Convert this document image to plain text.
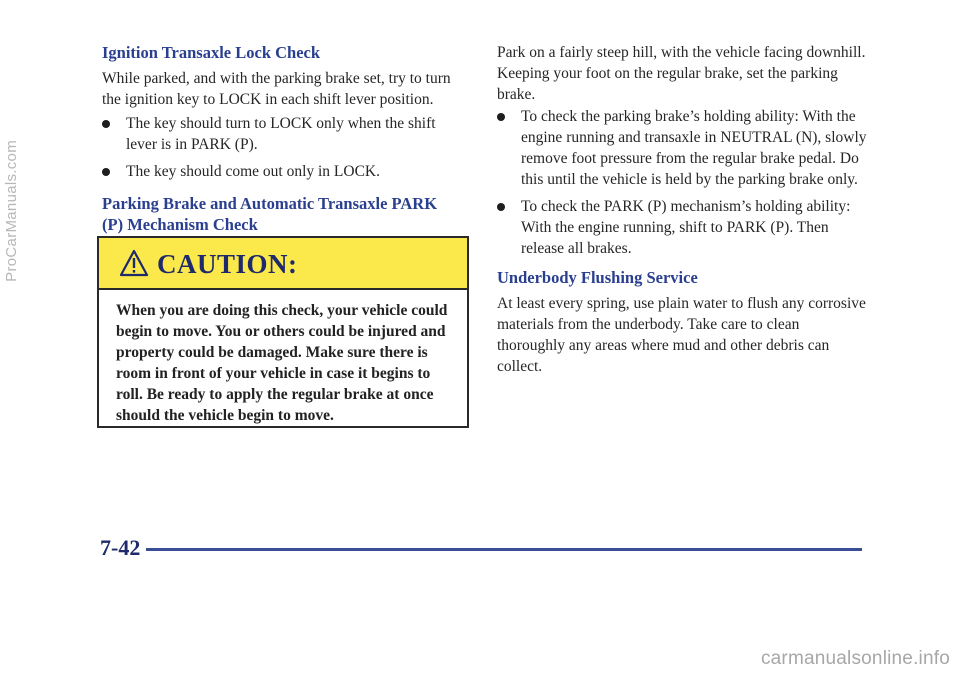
Ignition Transaxle Lock Check

While parked, and with the parking brake set, try to turn the ignition key to LOCK in each shift lever position.

The key should turn to LOCK only when the shift lever is in PARK (P).
The key should come out only in LOCK.
Parking Brake and Automatic Transaxle PARK (P) Mechanism Check
CAUTION:

When you are doing this check, your vehicle could begin to move. You or others could be injured and property could be damaged. Make sure there is room in front of your vehicle in case it begins to roll. Be ready to apply the regular brake at once should the vehicle begin to move.

Park on a fairly steep hill, with the vehicle facing downhill. Keeping your foot on the regular brake, set the parking brake.

To check the parking brake’s holding ability: With the engine running and transaxle in NEUTRAL (N), slowly remove foot pressure from the regular brake pedal. Do this until the vehicle is held by the parking brake only.
To check the PARK (P) mechanism’s holding ability: With the engine running, shift to PARK (P). Then release all brakes.
Underbody Flushing Service

At least every spring, use plain water to flush any corrosive materials from the underbody. Take care to clean thoroughly any areas where mud and other debris can collect.

7-42
ProCarManuals.com
carmanualsonline.info
